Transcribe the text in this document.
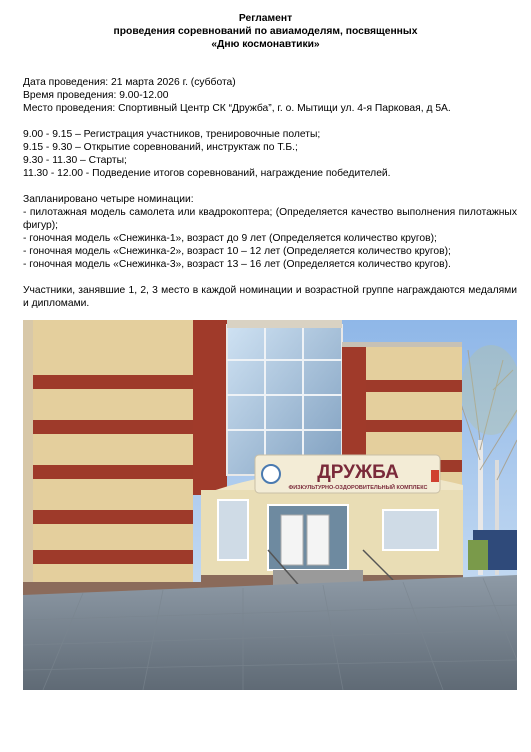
Регламент
проведения соревнований по авиамоделям, посвященных
«Дню космонавтики»
Дата проведения: 21 марта 2026 г. (суббота)
Время проведения: 9.00-12.00
Место проведения: Спортивный Центр СК “Дружба”, г. о. Мытищи ул. 4-я Парковая, д 5А.
9.00 - 9.15 – Регистрация участников, тренировочные полеты;
9.15 - 9.30 – Открытие соревнований, инструктаж по Т.Б.;
9.30 - 11.30 – Старты;
11.30 - 12.00 - Подведение итогов соревнований, награждение победителей.
Запланировано четыре номинации:
- пилотажная модель самолета или квадрокоптера; (Определяется качество выполнения пилотажных фигур);
- гоночная модель «Снежинка-1», возраст до 9 лет (Определяется количество кругов);
- гоночная модель «Снежинка-2», возраст 10 – 12 лет (Определяется количество кругов);
- гоночная модель «Снежинка-3», возраст 13 – 16 лет (Определяется количество кругов).
Участники, занявшие 1, 2, 3 место в каждой номинации и возрастной группе награждаются медалями и дипломами.
ДРУЖБА
ФИЗКУЛЬТУРНО-ОЗДОРОВИТЕЛЬНЫЙ КОМПЛЕКС
